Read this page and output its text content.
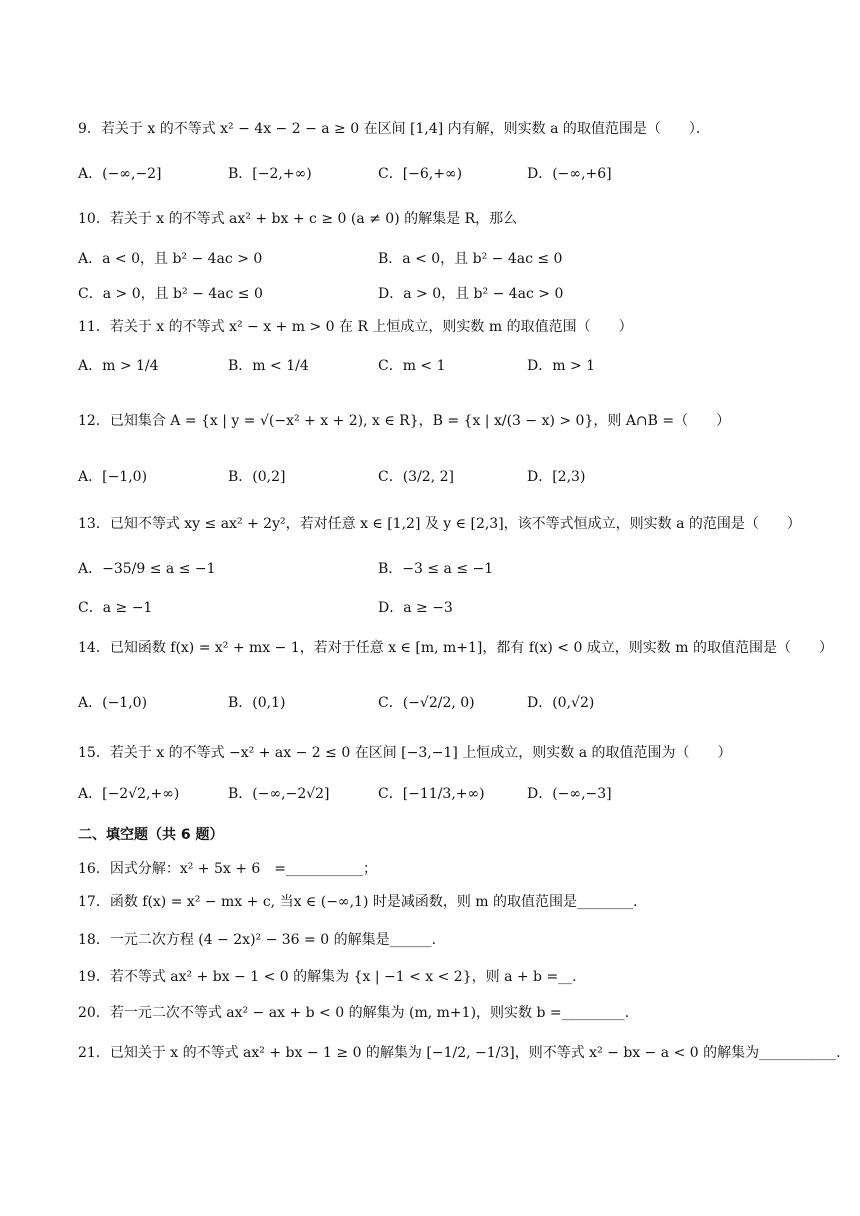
9．若关于 x 的不等式 x² − 4x − 2 − a ≥ 0 在区间 [1,4] 内有解，则实数 a 的取值范围是（　　）．
A．(−∞,−2]	B．[−2,+∞)	C．[−6,+∞)	D．(−∞,+6]
10．若关于 x 的不等式 ax² + bx + c ≥ 0 (a ≠ 0) 的解集是 R，那么
A．a < 0，且 b² − 4ac > 0	B．a < 0，且 b² − 4ac ≤ 0
C．a > 0，且 b² − 4ac ≤ 0	D．a > 0，且 b² − 4ac > 0
11．若关于 x 的不等式 x² − x + m > 0 在 R 上恒成立，则实数 m 的取值范围（　　）
A．m > 1/4	B．m < 1/4	C．m < 1	D．m > 1
12．已知集合 A = {x | y = √(−x² + x + 2), x ∈ R}，B = {x | x/(3 − x) > 0}，则 A∩B =（　　）
A．[−1,0)	B．(0,2]	C．(3/2, 2]	D．[2,3)
13．已知不等式 xy ≤ ax² + 2y²，若对任意 x ∈ [1,2] 及 y ∈ [2,3]，该不等式恒成立，则实数 a 的范围是（　　）
A．−35/9 ≤ a ≤ −1	B．−3 ≤ a ≤ −1
C．a ≥ −1	D．a ≥ −3
14．已知函数 f(x) = x² + mx − 1，若对于任意 x ∈ [m, m+1]，都有 f(x) < 0 成立，则实数 m 的取值范围是（　　）
A．(−1,0)	B．(0,1)	C．(−√2/2, 0)	D．(0,√2)
15．若关于 x 的不等式 −x² + ax − 2 ≤ 0 在区间 [−3,−1] 上恒成立，则实数 a 的取值范围为（　　）
A．[−2√2,+∞)	B．(−∞,−2√2]	C．[−11/3,+∞)	D．(−∞,−3]
二、填空题（共 6 题）
16．因式分解：x² + 5x + 6　=___________；
17．函数 f(x) = x² − mx + c, 当x ∈ (−∞,1) 时是减函数，则 m 的取值范围是________.
18．一元二次方程 (4 − 2x)² − 36 = 0 的解集是______.
19．若不等式 ax² + bx − 1 < 0 的解集为 {x | −1 < x < 2}，则 a + b =__.
20．若一元二次不等式 ax² − ax + b < 0 的解集为 (m, m+1)，则实数 b =_________.
21．已知关于 x 的不等式 ax² + bx − 1 ≥ 0 的解集为 [−1/2, −1/3]，则不等式 x² − bx − a < 0 的解集为___________.
